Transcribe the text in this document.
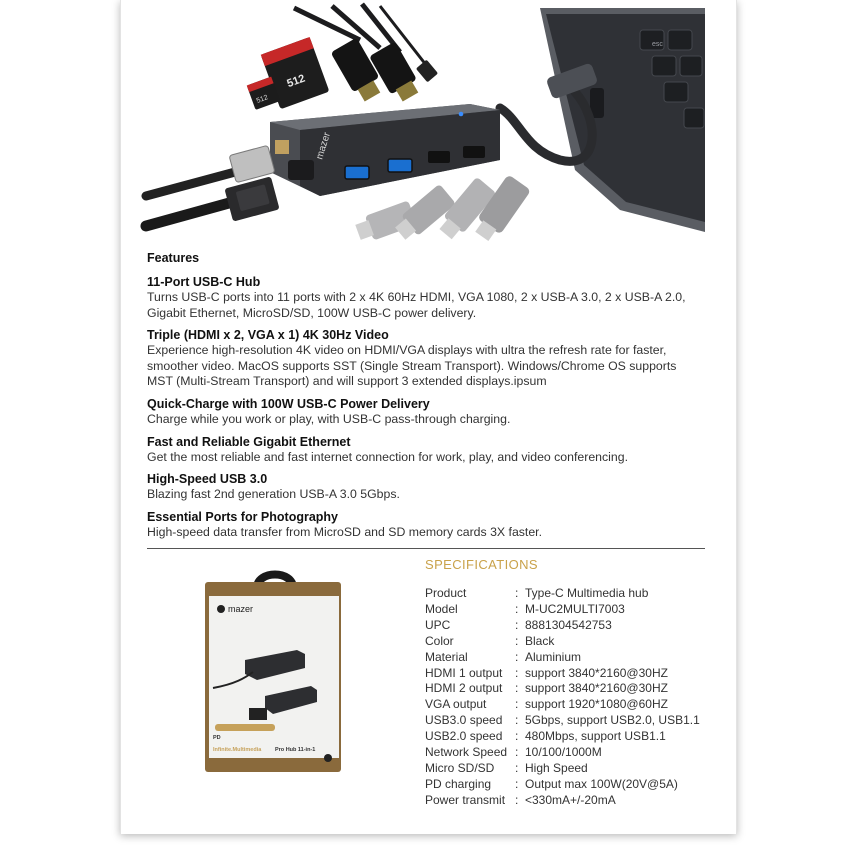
esc
512
512
mazer
Features
11-Port USB-C Hub
Turns USB-C ports into 11 ports with 2 x 4K 60Hz HDMI, VGA 1080, 2 x USB-A 3.0, 2 x USB-A 2.0,
Gigabit Ethernet, MicroSD/SD, 100W USB-C power delivery.
Triple (HDMI x 2, VGA x 1) 4K 30Hz Video
Experience high-resolution 4K video on HDMI/VGA displays with ultra the refresh rate for faster,
smoother video. MacOS supports SST (Single Stream Transport). Windows/Chrome OS supports
MST (Multi-Stream Transport) and will support 3 extended displays.ipsum
Quick-Charge with 100W USB-C Power Delivery
Charge while you work or play, with USB-C pass-through charging.
Fast and Reliable Gigabit Ethernet
Get the most reliable and fast internet connection for work, play, and video conferencing.
High-Speed USB 3.0
Blazing fast 2nd generation USB-A 3.0 5Gbps.
Essential Ports for Photography
High-speed data transfer from MicroSD and SD memory cards 3X faster.
mazer
PD
Infinite.Multimedia Pro Hub 11-in-1
SPECIFICATIONS
Product	: Type-C Multimedia hub
Model	: M-UC2MULTI7003
UPC	: 8881304542753
Color	: Black
Material	: Aluminium
HDMI 1 output	: support 3840*2160@30HZ
HDMI 2 output	: support 3840*2160@30HZ
VGA output	: support 1920*1080@60HZ
USB3.0 speed	: 5Gbps, support USB2.0, USB1.1
USB2.0 speed	: 480Mbps, support USB1.1
Network Speed : 10/100/1000M
Micro SD/SD	: High Speed
PD charging	: Output max 100W(20V@5A)
Power transmit : <330mA+/-20mA
